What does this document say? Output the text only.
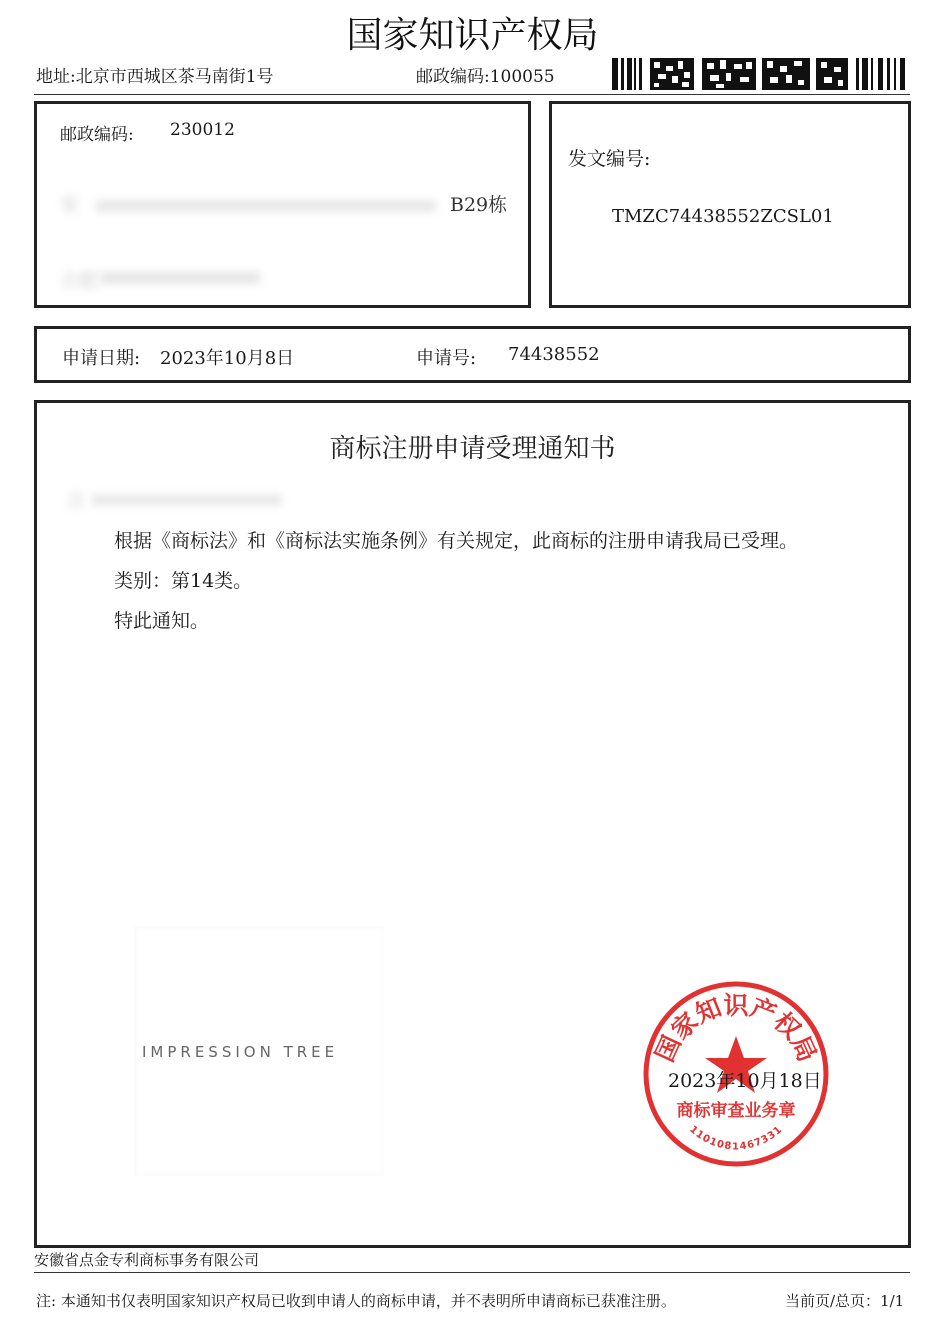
国家知识产权局
地址:北京市西城区茶马南街1号	邮政编码:100055
邮政编码: 230012
安	B29栋
合肥
发文编号:
TMZC74438552ZCSL01
申请日期: 2023年10月8日	申请号: 74438552
商标注册申请受理通知书
合
根据《商标法》和《商标法实施条例》有关规定，此商标的注册申请我局已受理。
类别：第14类。
特此通知。
IMPRESSION TREE	国家知识产权局
商标审查业务章
1101081467331
2023年10月18日
安徽省点金专利商标事务有限公司
注: 本通知书仅表明国家知识产权局已收到申请人的商标申请，并不表明所申请商标已获准注册。	当前页/总页：1/1
